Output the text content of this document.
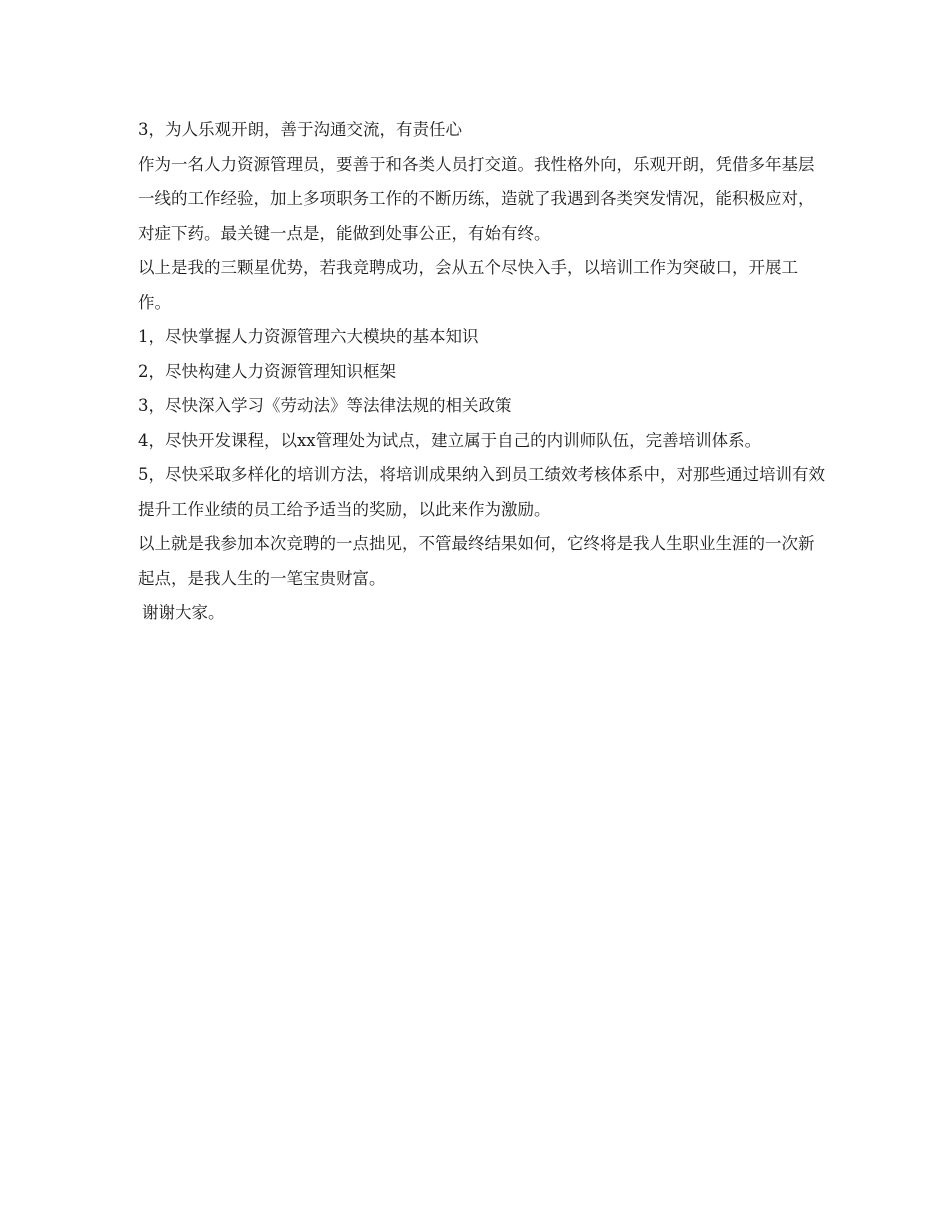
3，为人乐观开朗，善于沟通交流，有责任心

作为一名人力资源管理员，要善于和各类人员打交道。我性格外向，乐观开朗，凭借多年基层一线的工作经验，加上多项职务工作的不断历练，造就了我遇到各类突发情况，能积极应对，对症下药。最关键一点是，能做到处事公正，有始有终。

以上是我的三颗星优势，若我竞聘成功，会从五个尽快入手，以培训工作为突破口，开展工作。

1，尽快掌握人力资源管理六大模块的基本知识

2，尽快构建人力资源管理知识框架

3，尽快深入学习《劳动法》等法律法规的相关政策

4，尽快开发课程，以xx管理处为试点，建立属于自己的内训师队伍，完善培训体系。

5，尽快采取多样化的培训方法，将培训成果纳入到员工绩效考核体系中，对那些通过培训有效提升工作业绩的员工给予适当的奖励，以此来作为激励。

以上就是我参加本次竞聘的一点拙见，不管最终结果如何，它终将是我人生职业生涯的一次新起点，是我人生的一笔宝贵财富。

谢谢大家。
